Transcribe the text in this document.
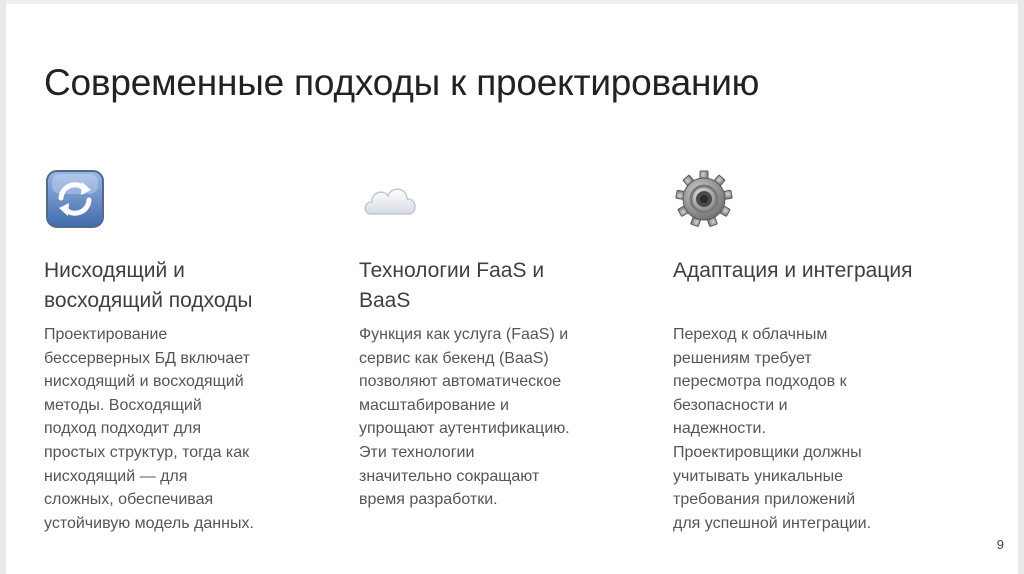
Современные подходы к проектированию
Нисходящий и
восходящий подходы
Проектирование
бессерверных БД включает
нисходящий и восходящий
методы. Восходящий
подход подходит для
простых структур, тогда как
нисходящий — для
сложных, обеспечивая
устойчивую модель данных.
Технологии FaaS и
BaaS
Функция как услуга (FaaS) и
сервис как бекенд (BaaS)
позволяют автоматическое
масштабирование и
упрощают аутентификацию.
Эти технологии
значительно сокращают
время разработки.
Адаптация и интеграция
Переход к облачным
решениям требует
пересмотра подходов к
безопасности и
надежности.
Проектировщики должны
учитывать уникальные
требования приложений
для успешной интеграции.
9
